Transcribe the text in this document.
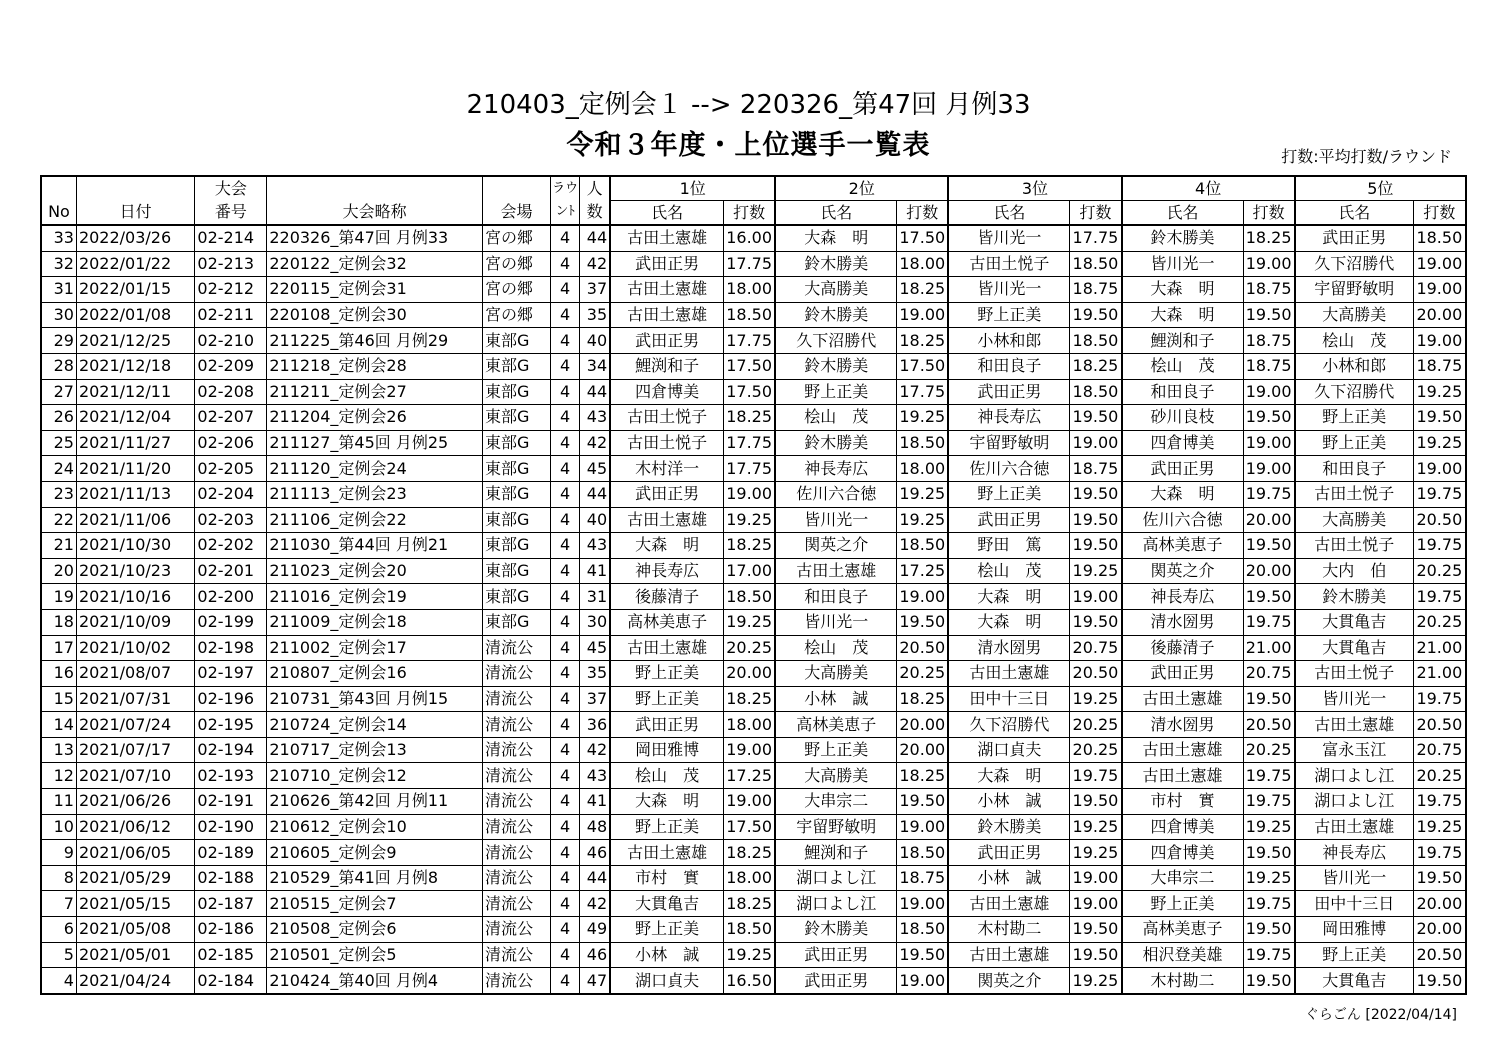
210403_定例会１ --> 220326_第47回 月例33
令和３年度・上位選手一覧表	打数:平均打数/ラウンド
		大会			ラウ	人	1位		2位		3位		4位		5位	
No	日付	番号	大会略称	会場	ンﾄ	数	氏名	打数	氏名	打数	氏名	打数	氏名	打数	氏名	打数
33	2022/03/26	02-214	220326_第47回 月例33	宮の郷	4	44	古田土憲雄	16.00	大森　明	17.50	皆川光一	17.75	鈴木勝美	18.25	武田正男	18.50
32	2022/01/22	02-213	220122_定例会32	宮の郷	4	42	武田正男	17.75	鈴木勝美	18.00	古田土悦子	18.50	皆川光一	19.00	久下沼勝代	19.00
31	2022/01/15	02-212	220115_定例会31	宮の郷	4	37	古田土憲雄	18.00	大高勝美	18.25	皆川光一	18.75	大森　明	18.75	宇留野敏明	19.00
30	2022/01/08	02-211	220108_定例会30	宮の郷	4	35	古田土憲雄	18.50	鈴木勝美	19.00	野上正美	19.50	大森　明	19.50	大高勝美	20.00
29	2021/12/25	02-210	211225_第46回 月例29	東部G	4	40	武田正男	17.75	久下沼勝代	18.25	小林和郎	18.50	鯉渕和子	18.75	桧山　茂	19.00
28	2021/12/18	02-209	211218_定例会28	東部G	4	34	鯉渕和子	17.50	鈴木勝美	17.50	和田良子	18.25	桧山　茂	18.75	小林和郎	18.75
27	2021/12/11	02-208	211211_定例会27	東部G	4	44	四倉博美	17.50	野上正美	17.75	武田正男	18.50	和田良子	19.00	久下沼勝代	19.25
26	2021/12/04	02-207	211204_定例会26	東部G	4	43	古田土悦子	18.25	桧山　茂	19.25	神長寿広	19.50	砂川良枝	19.50	野上正美	19.50
25	2021/11/27	02-206	211127_第45回 月例25	東部G	4	42	古田土悦子	17.75	鈴木勝美	18.50	宇留野敏明	19.00	四倉博美	19.00	野上正美	19.25
24	2021/11/20	02-205	211120_定例会24	東部G	4	45	木村洋一	17.75	神長寿広	18.00	佐川六合徳	18.75	武田正男	19.00	和田良子	19.00
23	2021/11/13	02-204	211113_定例会23	東部G	4	44	武田正男	19.00	佐川六合徳	19.25	野上正美	19.50	大森　明	19.75	古田土悦子	19.75
22	2021/11/06	02-203	211106_定例会22	東部G	4	40	古田土憲雄	19.25	皆川光一	19.25	武田正男	19.50	佐川六合徳	20.00	大高勝美	20.50
21	2021/10/30	02-202	211030_第44回 月例21	東部G	4	43	大森　明	18.25	関英之介	18.50	野田　篤	19.50	高林美恵子	19.50	古田土悦子	19.75
20	2021/10/23	02-201	211023_定例会20	東部G	4	41	神長寿広	17.00	古田土憲雄	17.25	桧山　茂	19.25	関英之介	20.00	大内　伯	20.25
19	2021/10/16	02-200	211016_定例会19	東部G	4	31	後藤清子	18.50	和田良子	19.00	大森　明	19.00	神長寿広	19.50	鈴木勝美	19.75
18	2021/10/09	02-199	211009_定例会18	東部G	4	30	高林美恵子	19.25	皆川光一	19.50	大森　明	19.50	清水圀男	19.75	大貫亀吉	20.25
17	2021/10/02	02-198	211002_定例会17	清流公	4	45	古田土憲雄	20.25	桧山　茂	20.50	清水圀男	20.75	後藤清子	21.00	大貫亀吉	21.00
16	2021/08/07	02-197	210807_定例会16	清流公	4	35	野上正美	20.00	大高勝美	20.25	古田土憲雄	20.50	武田正男	20.75	古田土悦子	21.00
15	2021/07/31	02-196	210731_第43回 月例15	清流公	4	37	野上正美	18.25	小林　誠	18.25	田中十三日	19.25	古田土憲雄	19.50	皆川光一	19.75
14	2021/07/24	02-195	210724_定例会14	清流公	4	36	武田正男	18.00	高林美恵子	20.00	久下沼勝代	20.25	清水圀男	20.50	古田土憲雄	20.50
13	2021/07/17	02-194	210717_定例会13	清流公	4	42	岡田雅博	19.00	野上正美	20.00	湖口貞夫	20.25	古田土憲雄	20.25	富永玉江	20.75
12	2021/07/10	02-193	210710_定例会12	清流公	4	43	桧山　茂	17.25	大高勝美	18.25	大森　明	19.75	古田土憲雄	19.75	湖口よし江	20.25
11	2021/06/26	02-191	210626_第42回 月例11	清流公	4	41	大森　明	19.00	大串宗二	19.50	小林　誠	19.50	市村　實	19.75	湖口よし江	19.75
10	2021/06/12	02-190	210612_定例会10	清流公	4	48	野上正美	17.50	宇留野敏明	19.00	鈴木勝美	19.25	四倉博美	19.25	古田土憲雄	19.25
9	2021/06/05	02-189	210605_定例会9	清流公	4	46	古田土憲雄	18.25	鯉渕和子	18.50	武田正男	19.25	四倉博美	19.50	神長寿広	19.75
8	2021/05/29	02-188	210529_第41回 月例8	清流公	4	44	市村　實	18.00	湖口よし江	18.75	小林　誠	19.00	大串宗二	19.25	皆川光一	19.50
7	2021/05/15	02-187	210515_定例会7	清流公	4	42	大貫亀吉	18.25	湖口よし江	19.00	古田土憲雄	19.00	野上正美	19.75	田中十三日	20.00
6	2021/05/08	02-186	210508_定例会6	清流公	4	49	野上正美	18.50	鈴木勝美	18.50	木村勘二	19.50	高林美恵子	19.50	岡田雅博	20.00
5	2021/05/01	02-185	210501_定例会5	清流公	4	46	小林　誠	19.25	武田正男	19.50	古田土憲雄	19.50	相沢登美雄	19.75	野上正美	20.50
4	2021/04/24	02-184	210424_第40回 月例4	清流公	4	47	湖口貞夫	16.50	武田正男	19.00	関英之介	19.25	木村勘二	19.50	大貫亀吉	19.50
ぐらごん [2022/04/14]
